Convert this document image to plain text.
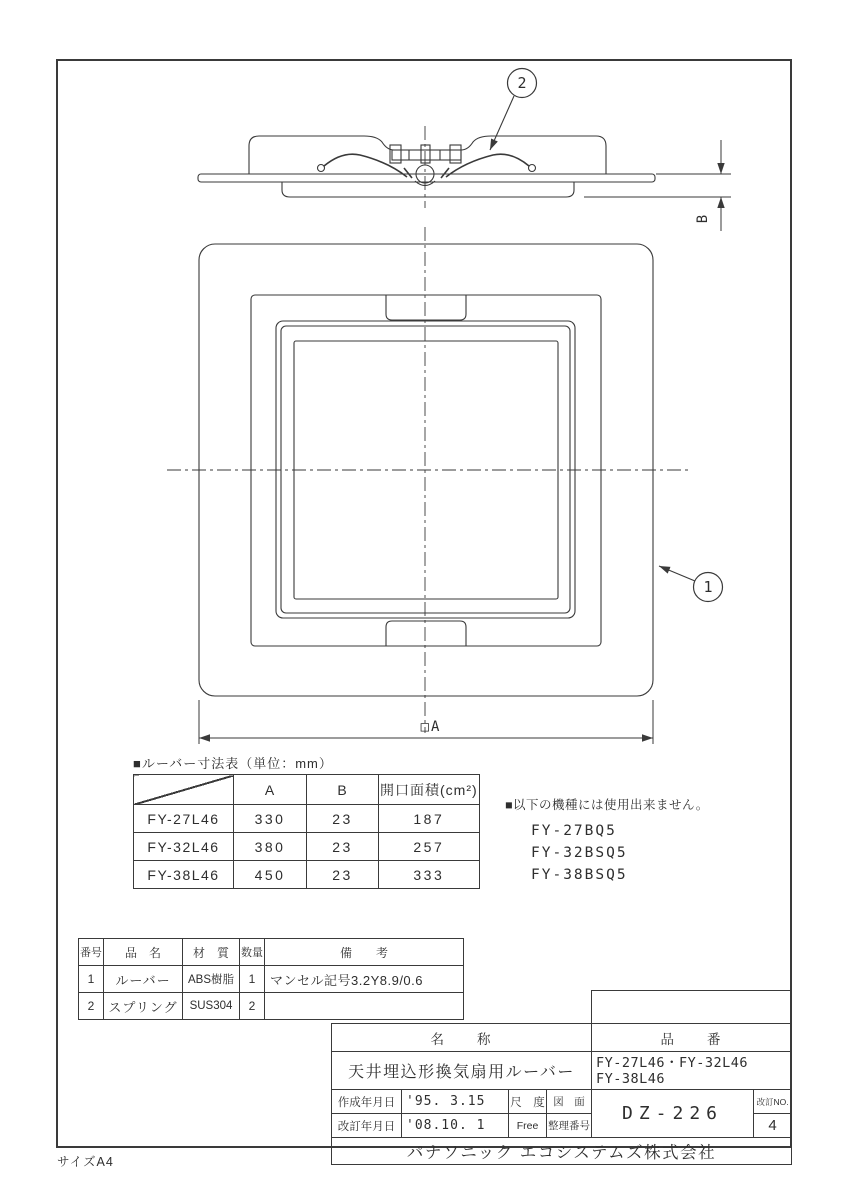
2
B
□A
1
■ルーバー寸法表（単位：mm）
	A	B	開口面積(cm²)
FY-27L46	330	23	187
FY-32L46	380	23	257
FY-38L46	450	23	333
■以下の機種には使用出来ません。
FY-27BQ5
FY-32BSQ5
FY-38BSQ5
番号	品　名	材　質	数量	備　　考
1	ルーバー	ABS樹脂	1	マンセル記号3.2Y8.9/0.6
2	スプリング	SUS304	2	
名　　称				品　　番	
天井埋込形換気扇用ルーバー				FY-27L46・FY-32L46
FY-38L46	

作成年月日	'95. 3.15	尺　度	図　面	DZ-226	改訂NO.
改訂年月日	'08.10. 1	Free	整理番号		4
パナソニック エコシステムズ株式会社					
サイズA4
